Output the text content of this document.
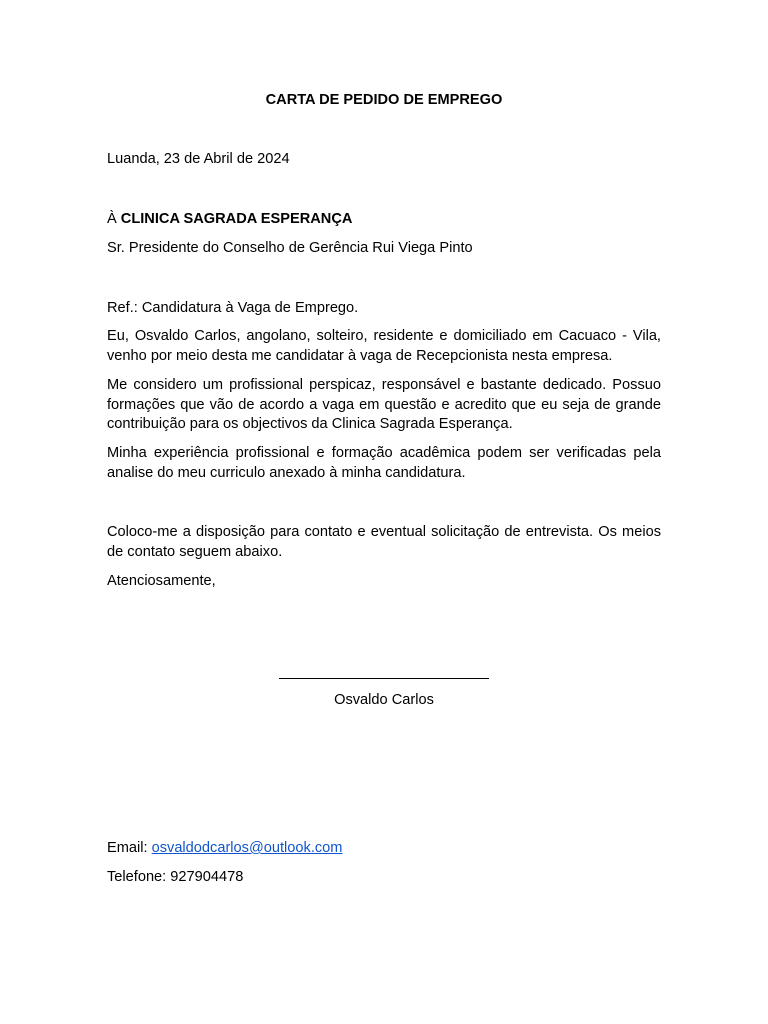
CARTA DE PEDIDO DE EMPREGO
Luanda, 23 de Abril de 2024
À CLINICA SAGRADA ESPERANÇA
Sr. Presidente do Conselho de Gerência Rui Viega Pinto
Ref.: Candidatura à Vaga de Emprego.
Eu, Osvaldo Carlos, angolano, solteiro, residente e domiciliado em Cacuaco - Vila, venho por meio desta me candidatar à vaga de Recepcionista nesta empresa.
Me considero um profissional perspicaz, responsável e bastante dedicado. Possuo formações que vão de acordo a vaga em questão e acredito que eu seja de grande contribuição para os objectivos da Clinica Sagrada Esperança.
Minha experiência profissional e formação acadêmica podem ser verificadas pela analise do meu curriculo anexado à minha candidatura.
Coloco-me a disposição para contato e eventual solicitação de entrevista. Os meios de contato seguem abaixo.
Atenciosamente,
Osvaldo Carlos
Email: osvaldodcarlos@outlook.com
Telefone: 927904478
